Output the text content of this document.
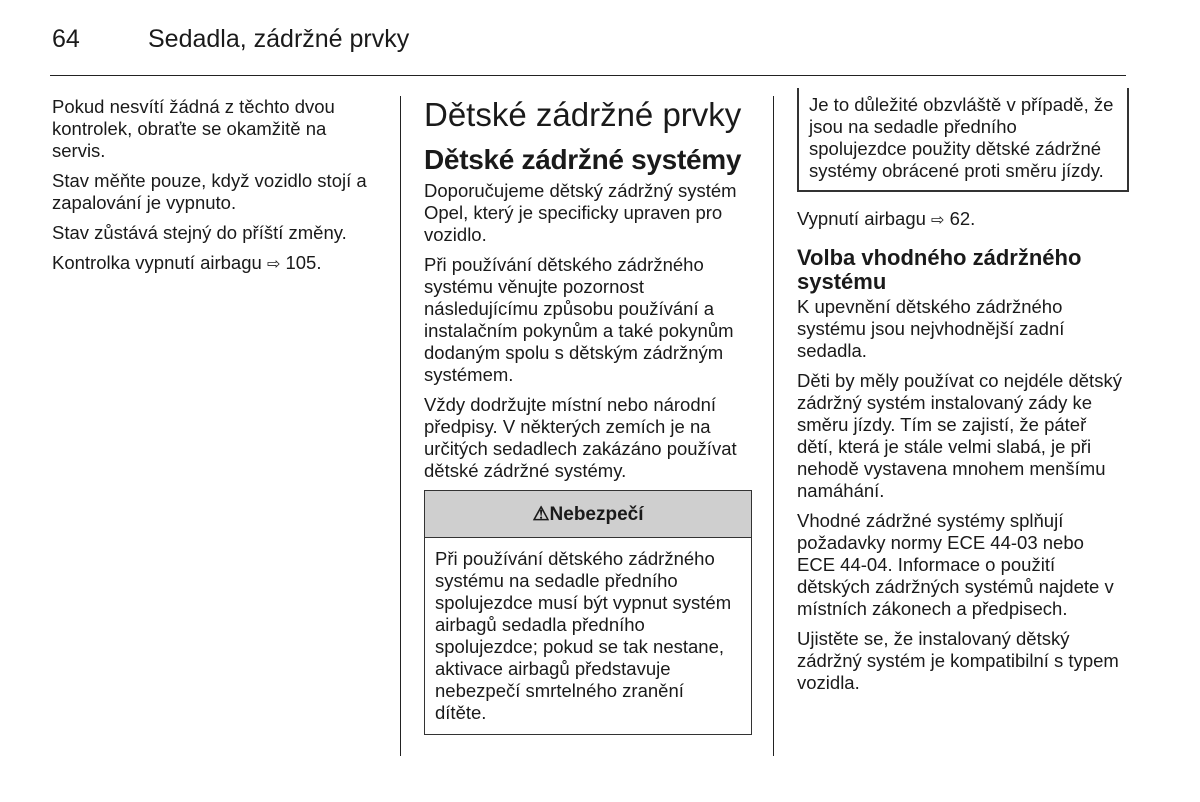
64	Sedadla, zádržné prvky

Pokud nesvítí žádná z těchto dvou kontrolek, obraťte se okamžitě na servis.

Stav měňte pouze, když vozidlo stojí a zapalování je vypnuto.

Stav zůstává stejný do příští změny.

Kontrolka vypnutí airbagu ⇨ 105.

Dětské zádržné prvky
Dětské zádržné systémy

Doporučujeme dětský zádržný systém Opel, který je specificky upraven pro vozidlo.

Při používání dětského zádržného systému věnujte pozornost následujícímu způsobu používání a instalačním pokynům a také pokynům dodaným spolu s dětským zádržným systémem.

Vždy dodržujte místní nebo národní předpisy. V některých zemích je na určitých sedadlech zakázáno používat dětské zádržné systémy.

⚠Nebezpečí
Při používání dětského zádržného systému na sedadle předního spolujezdce musí být vypnut systém airbagů sedadla předního spolujezdce; pokud se tak nestane, aktivace airbagů představuje nebezpečí smrtelného zranění dítěte.
Je to důležité obzvláště v případě, že jsou na sedadle předního spolujezdce použity dětské zádržné systémy obrácené proti směru jízdy.

Vypnutí airbagu ⇨ 62.

Volba vhodného zádržného systému

K upevnění dětského zádržného systému jsou nejvhodnější zadní sedadla.

Děti by měly používat co nejdéle dětský zádržný systém instalovaný zády ke směru jízdy. Tím se zajistí, že páteř dětí, která je stále velmi slabá, je při nehodě vystavena mnohem menšímu namáhání.

Vhodné zádržné systémy splňují požadavky normy ECE 44-03 nebo ECE 44-04. Informace o použití dětských zádržných systémů najdete v místních zákonech a předpisech.

Ujistěte se, že instalovaný dětský zádržný systém je kompatibilní s typem vozidla.
